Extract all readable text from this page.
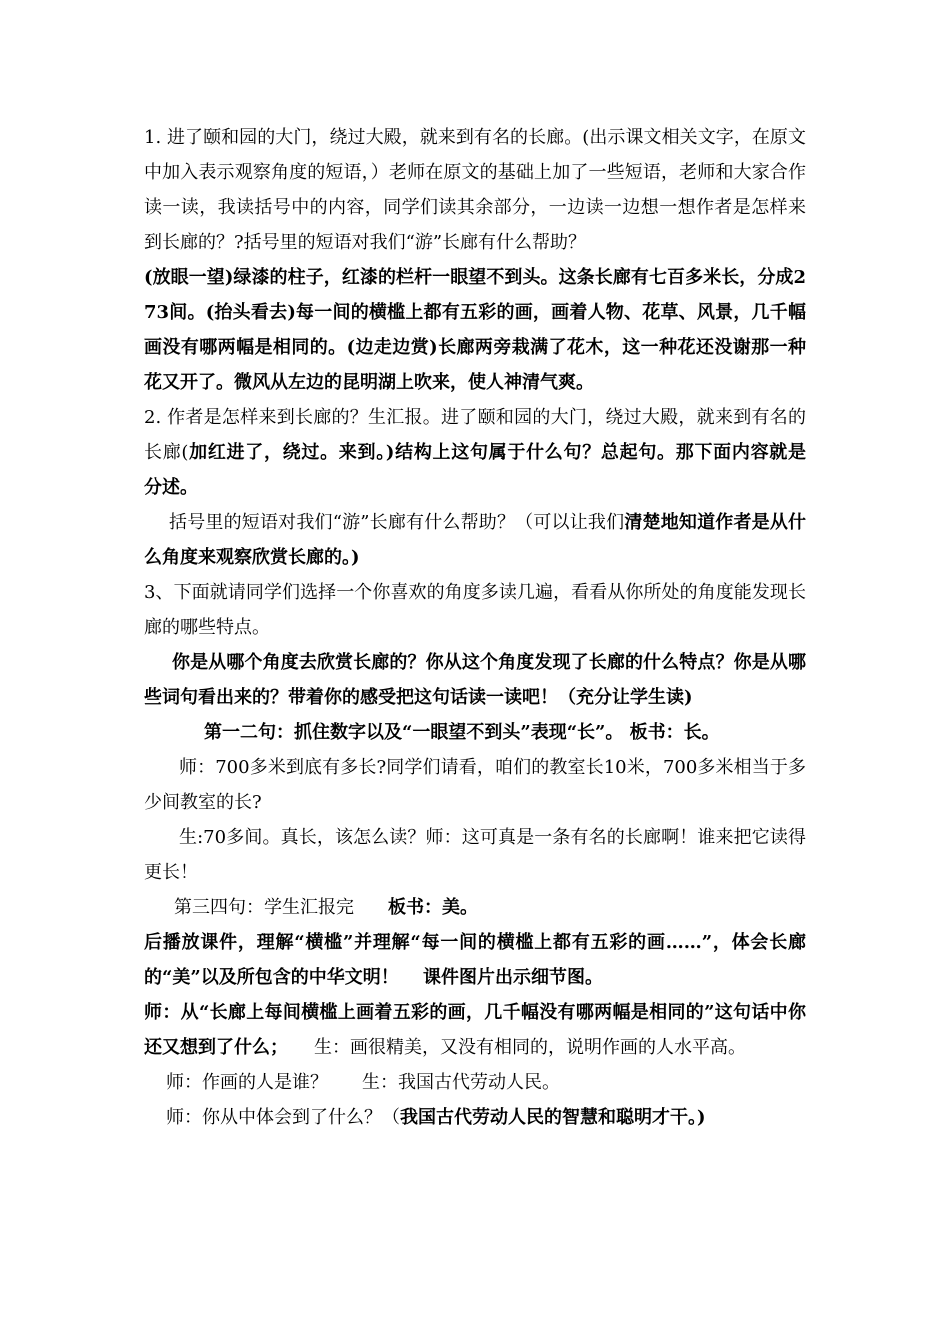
1. 进了颐和园的大门，绕过大殿，就来到有名的长廊。(出示课文相关文字，在原文中加入表示观察角度的短语，）老师在原文的基础上加了一些短语，老师和大家合作读一读，我读括号中的内容，同学们读其余部分，一边读一边想一想作者是怎样来到长廊的？?括号里的短语对我们“游”长廊有什么帮助？

(放眼一望)绿漆的柱子，红漆的栏杆一眼望不到头。这条长廊有七百多米长，分成273间。(抬头看去)每一间的横槛上都有五彩的画，画着人物、花草、风景，几千幅画没有哪两幅是相同的。(边走边赏)长廊两旁栽满了花木，这一种花还没谢那一种花又开了。微风从左边的昆明湖上吹来，使人神清气爽。

2. 作者是怎样来到长廊的？生汇报。进了颐和园的大门，绕过大殿，就来到有名的长廊(加红进了，绕过。来到。)结构上这句属于什么句？总起句。那下面内容就是　分述。

括号里的短语对我们“游”长廊有什么帮助？（可以让我们清楚地知道作者是从什么角度来观察欣赏长廊的。)

3、下面就请同学们选择一个你喜欢的角度多读几遍，看看从你所处的角度能发现长廊的哪些特点。

你是从哪个角度去欣赏长廊的？你从这个角度发现了长廊的什么特点？你是从哪些词句看出来的？带着你的感受把这句话读一读吧！（充分让学生读)

第一二句：抓住数字以及“一眼望不到头”表现“长”。 板书：长。

师：700多米到底有多长?同学们请看，咱们的教室长10米，700多米相当于多少间教室的长?

生:70多间。真长，该怎么读？师：这可真是一条有名的长廊啊！谁来把它读得更长！

第三四句：学生汇报完 板书：美。

后播放课件，理解“横槛”并理解“每一间的横槛上都有五彩的画……”，体会长廊的“美”以及所包含的中华文明！　 课件图片出示细节图。

师：从“长廊上每间横槛上画着五彩的画，几千幅没有哪两幅是相同的”这句话中你还又想到了什么； 生：画很精美，又没有相同的，说明作画的人水平高。

师：作画的人是谁？ 生：我国古代劳动人民。

师：你从中体会到了什么？（我国古代劳动人民的智慧和聪明才干。)
